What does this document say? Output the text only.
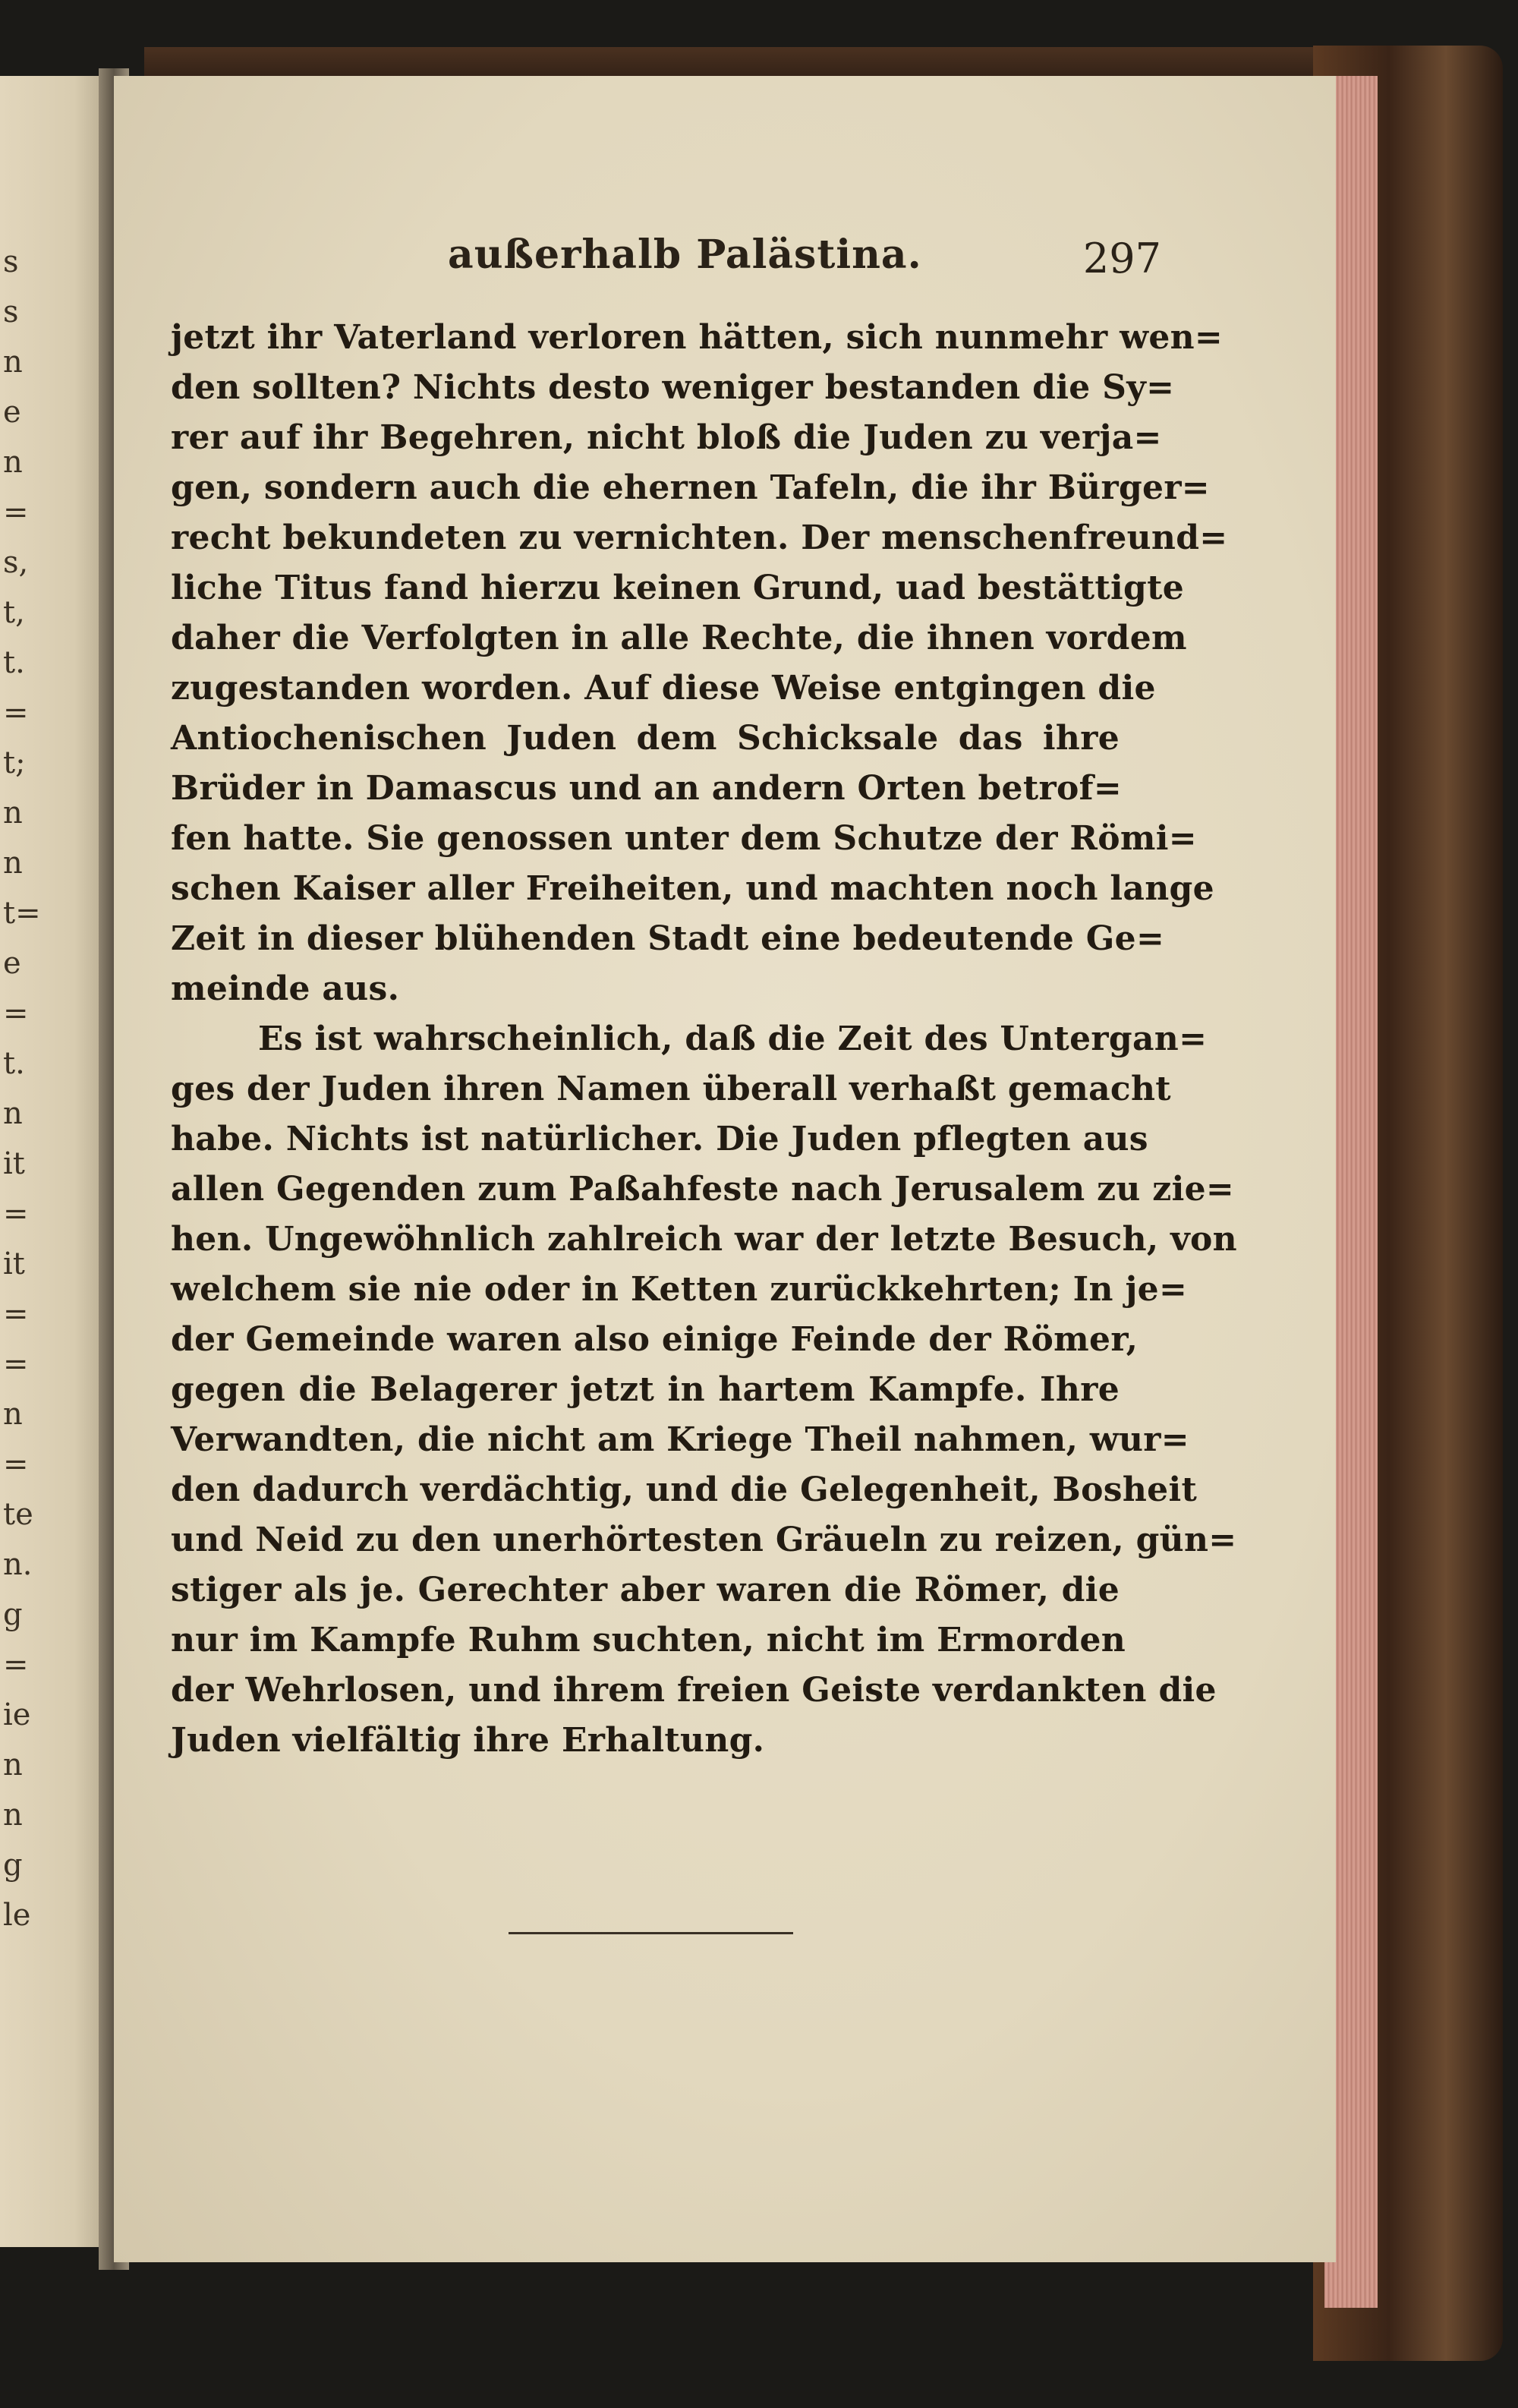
s
s
n
e
n
=
s,
t,
t.
=
t;
n
n
t=
e
=
t.
n
it
=
it
=
=
n
=
te
n.
g
=
ie
n
n
g
le
außerhalb Palästina.	297
jetzt ihr Vaterland verloren hätten, sich nunmehr wen=
den sollten? Nichts desto weniger bestanden die Sy=
rer auf ihr Begehren, nicht bloß die Juden zu verja=
gen, sondern auch die ehernen Tafeln, die ihr Bürger=
recht bekundeten zu vernichten. Der menschenfreund=
liche Titus fand hierzu keinen Grund, uad bestättigte
daher die Verfolgten in alle Rechte, die ihnen vordem
zugestanden worden. Auf diese Weise entgingen die
Antiochenischen Juden dem Schicksale das ihre
Brüder in Damascus und an andern Orten betrof=
fen hatte. Sie genossen unter dem Schutze der Römi=
schen Kaiser aller Freiheiten, und machten noch lange
Zeit in dieser blühenden Stadt eine bedeutende Ge=
meinde aus.
Es ist wahrscheinlich, daß die Zeit des Untergan=
ges der Juden ihren Namen überall verhaßt gemacht
habe. Nichts ist natürlicher. Die Juden pflegten aus
allen Gegenden zum Paßahfeste nach Jerusalem zu zie=
hen. Ungewöhnlich zahlreich war der letzte Besuch, von
welchem sie nie oder in Ketten zurückkehrten; In je=
der Gemeinde waren also einige Feinde der Römer,
gegen die Belagerer jetzt in hartem Kampfe. Ihre
Verwandten, die nicht am Kriege Theil nahmen, wur=
den dadurch verdächtig, und die Gelegenheit, Bosheit
und Neid zu den unerhörtesten Gräueln zu reizen, gün=
stiger als je. Gerechter aber waren die Römer, die
nur im Kampfe Ruhm suchten, nicht im Ermorden
der Wehrlosen, und ihrem freien Geiste verdankten die
Juden vielfältig ihre Erhaltung.
